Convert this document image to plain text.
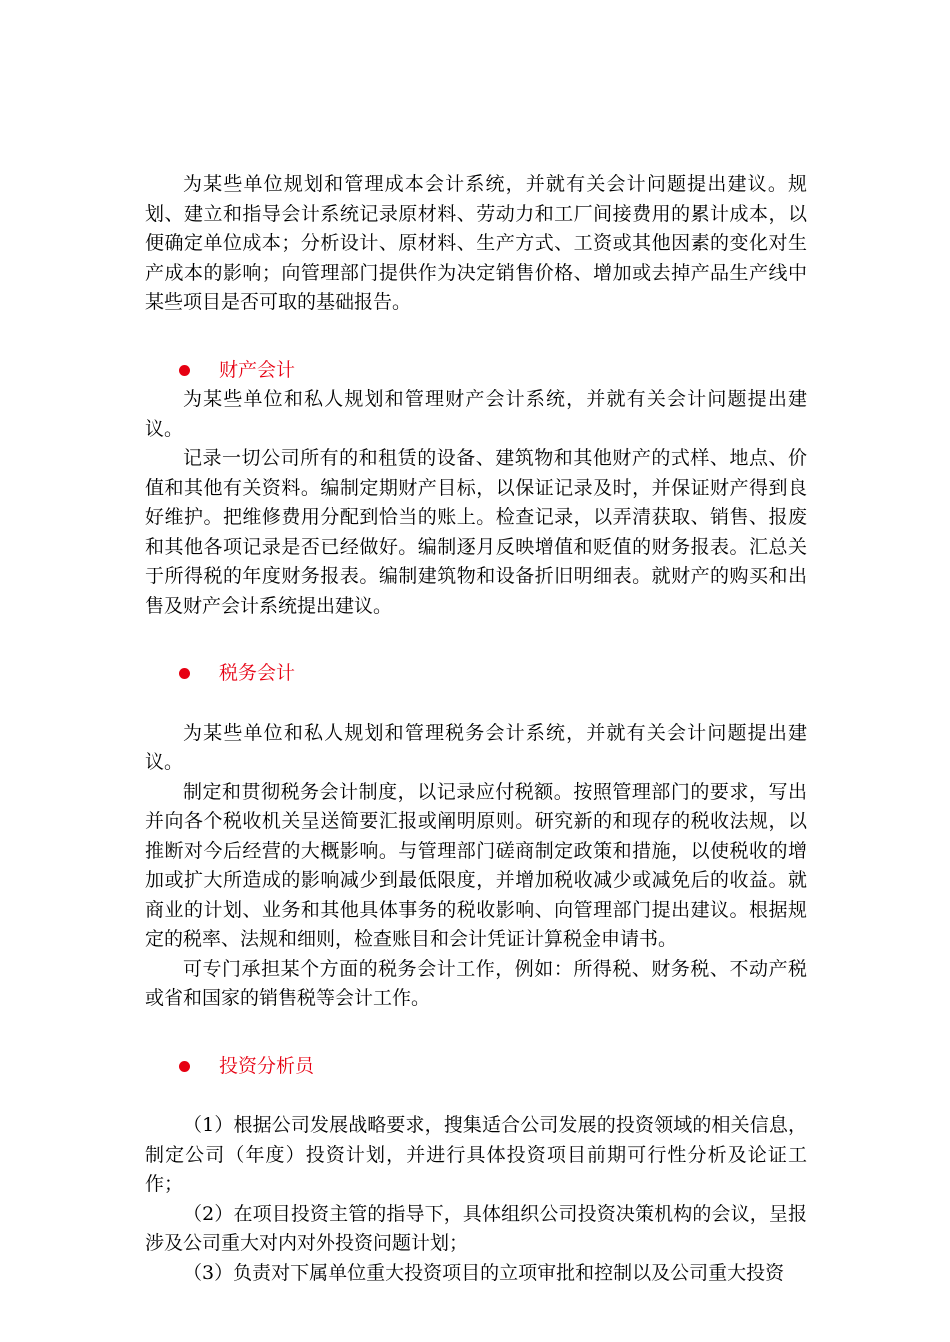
为某些单位规划和管理成本会计系统，并就有关会计问题提出建议。规划、建立和指导会计系统记录原材料、劳动力和工厂间接费用的累计成本，以便确定单位成本；分析设计、原材料、生产方式、工资或其他因素的变化对生产成本的影响；向管理部门提供作为决定销售价格、增加或去掉产品生产线中某些项目是否可取的基础报告。

财产会计

为某些单位和私人规划和管理财产会计系统，并就有关会计问题提出建议。

记录一切公司所有的和租赁的设备、建筑物和其他财产的式样、地点、价值和其他有关资料。编制定期财产目标，以保证记录及时，并保证财产得到良好维护。把维修费用分配到恰当的账上。检查记录，以弄清获取、销售、报废和其他各项记录是否已经做好。编制逐月反映增值和贬值的财务报表。汇总关于所得税的年度财务报表。编制建筑物和设备折旧明细表。就财产的购买和出售及财产会计系统提出建议。

税务会计

为某些单位和私人规划和管理税务会计系统，并就有关会计问题提出建议。

制定和贯彻税务会计制度，以记录应付税额。按照管理部门的要求，写出并向各个税收机关呈送简要汇报或阐明原则。研究新的和现存的税收法规，以推断对今后经营的大概影响。与管理部门磋商制定政策和措施，以使税收的增加或扩大所造成的影响减少到最低限度，并增加税收减少或减免后的收益。就商业的计划、业务和其他具体事务的税收影响、向管理部门提出建议。根据规定的税率、法规和细则，检查账目和会计凭证计算税金申请书。

可专门承担某个方面的税务会计工作，例如：所得税、财务税、不动产税或省和国家的销售税等会计工作。

投资分析员

（1）根据公司发展战略要求，搜集适合公司发展的投资领域的相关信息，制定公司（年度）投资计划，并进行具体投资项目前期可行性分析及论证工作；

（2）在项目投资主管的指导下，具体组织公司投资决策机构的会议，呈报涉及公司重大对内对外投资问题计划；

（3）负责对下属单位重大投资项目的立项审批和控制以及公司重大投资
